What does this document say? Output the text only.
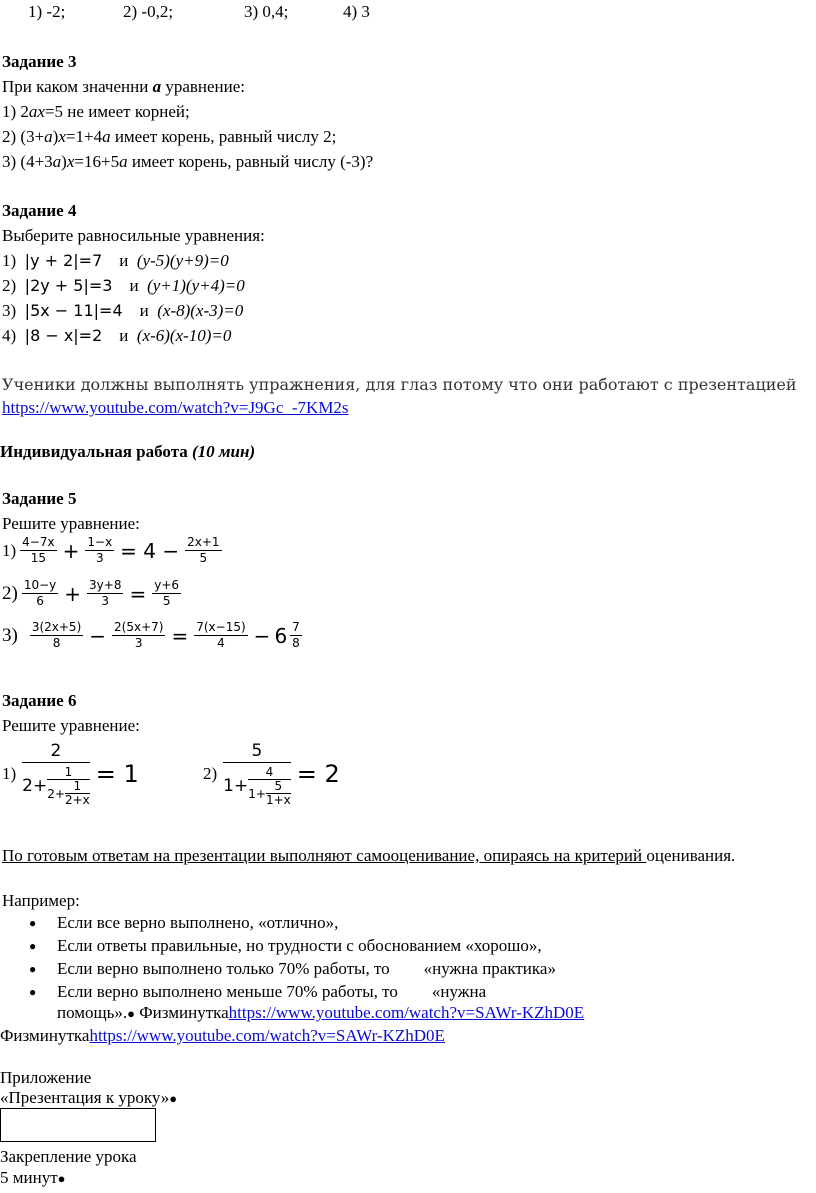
1) -2;	2) -0,2;	3) 0,4;	4) 3
Задание 3
При каком значенни a уравнение:
1) 2ax=5 не имеет корней;
2) (3+a)x=1+4a имеет корень, равный числу 2;
3) (4+3a)x=16+5a имеет корень, равный числу (-3)?
Задание 4
Выберите равносильные уравнения:
1) |y + 2|=7 и (y-5)(y+9)=0
2) |2y + 5|=3 и (y+1)(y+4)=0
3) |5x − 11|=4 и (x-8)(x-3)=0
4) |8 − x|=2 и (x-6)(x-10)=0
Ученики должны выполнять упражнения, для глаз потому что они работают с презентацией
https://www.youtube.com/watch?v=J9Gc_-7KM2s
Индивидуальная работа (10 мин)
Задание 5
Решите уравнение:
$1) \frac{4-7x}{15} + \frac{1-x}{3} = 4 - \frac{2x+1}{5}$
$2) \frac{10-y}{6} + \frac{3y+8}{3} = \frac{y+6}{5}$
$3) \frac{3(2x+5)}{8} - \frac{2(5x+7)}{3} = \frac{7(x-15)}{4} - 6 \frac{7}{8}$
Задание 6
Решите уравнение:
$1) \frac{2}{2+ \frac{1}{2+ \frac{1}{2+x}}} = 1$	$2) \frac{5}{1+ \frac{4}{1+ \frac{5}{1+x}}} = 2$
По готовым ответам на презентации выполняют самооценивание, опираясь на критерий оценивания.
Например:
● Если все верно выполнено, «отлично»,
● Если ответы правильные, но трудности с обоснованием «хорошо»,
● Если верно выполнено только 70% работы, то        «нужна практика»
● Если верно выполнено меньше 70% работы, то        «нужна
помощь».● Физминуткаhttps://www.youtube.com/watch?v=SAWr-KZhD0E
Физминуткаhttps://www.youtube.com/watch?v=SAWr-KZhD0E
Приложение
«Презентация к уроку»●
Закрепление урока
5 минут●
